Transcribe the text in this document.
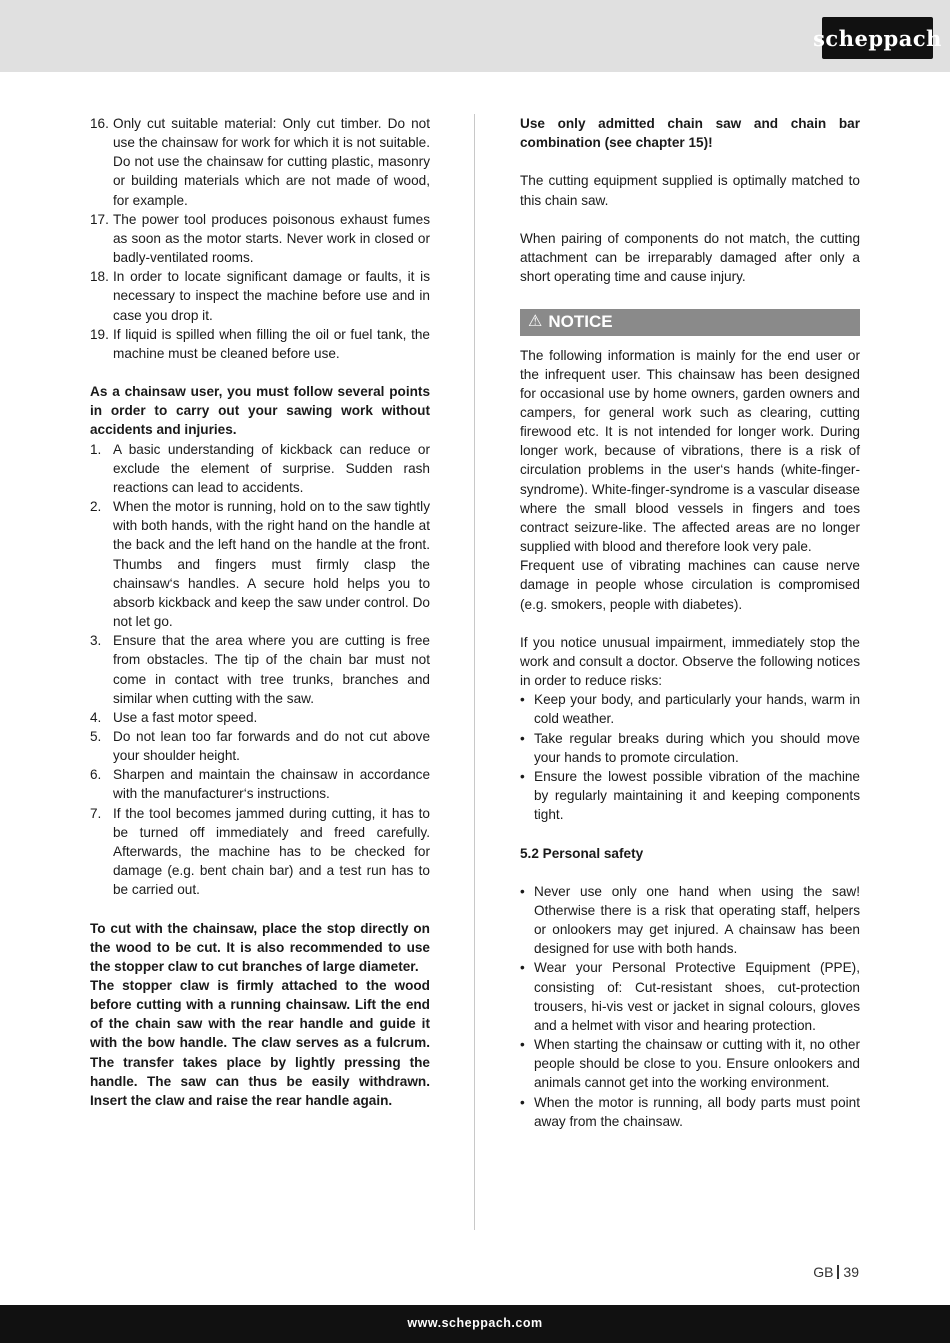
scheppach
16. Only cut suitable material: Only cut timber. Do not use the chainsaw for work for which it is not suitable. Do not use the chainsaw for cutting plastic, masonry or building materials which are not made of wood, for example.
17. The power tool produces poisonous exhaust fumes as soon as the motor starts. Never work in closed or badly-ventilated rooms.
18. In order to locate significant damage or faults, it is necessary to inspect the machine before use and in case you drop it.
19. If liquid is spilled when filling the oil or fuel tank, the machine must be cleaned before use.

As a chainsaw user, you must follow several points in order to carry out your sawing work without accidents and injuries.

1. A basic understanding of kickback can reduce or exclude the element of surprise. Sudden rash reactions can lead to accidents.
2. When the motor is running, hold on to the saw tightly with both hands, with the right hand on the handle at the back and the left hand on the handle at the front. Thumbs and fingers must firmly clasp the chainsaw‘s handles. A secure hold helps you to absorb kickback and keep the saw under control. Do not let go.
3. Ensure that the area where you are cutting is free from obstacles. The tip of the chain bar must not come in contact with tree trunks, branches and similar when cutting with the saw.
4. Use a fast motor speed.
5. Do not lean too far forwards and do not cut above your shoulder height.
6. Sharpen and maintain the chainsaw in accordance with the manufacturer‘s instructions.
7. If the tool becomes jammed during cutting, it has to be turned off immediately and freed carefully. Afterwards, the machine has to be checked for damage (e.g. bent chain bar) and a test run has to be carried out.

To cut with the chainsaw, place the stop directly on the wood to be cut. It is also recommended to use the stopper claw to cut branches of large diameter.

The stopper claw is firmly attached to the wood before cutting with a running chainsaw. Lift the end of the chain saw with the rear handle and guide it with the bow handle. The claw serves as a fulcrum. The transfer takes place by lightly pressing the handle. The saw can thus be easily withdrawn. Insert the claw and raise the rear handle again.

Use only admitted chain saw and chain bar combination (see chapter 15)!

The cutting equipment supplied is optimally matched to this chain saw.

When pairing of components do not match, the cutting attachment can be irreparably damaged after only a short operating time and cause injury.

⚠ NOTICE

The following information is mainly for the end user or the infrequent user. This chainsaw has been designed for occasional use by home owners, garden owners and campers, for general work such as clearing, cutting firewood etc. It is not intended for longer work. During longer work, because of vibrations, there is a risk of circulation problems in the user‘s hands (white-finger-syndrome). White-finger-syndrome is a vascular disease where the small blood vessels in fingers and toes contract seizure-like. The affected areas are no longer supplied with blood and therefore look very pale.

Frequent use of vibrating machines can cause nerve damage in people whose circulation is compromised (e.g. smokers, people with diabetes).

If you notice unusual impairment, immediately stop the work and consult a doctor. Observe the following notices in order to reduce risks:

• Keep your body, and particularly your hands, warm in cold weather.
• Take regular breaks during which you should move your hands to promote circulation.
• Ensure the lowest possible vibration of the machine by regularly maintaining it and keeping components tight.

5.2 Personal safety

• Never use only one hand when using the saw! Otherwise there is a risk that operating staff, helpers or onlookers may get injured. A chainsaw has been designed for use with both hands.
• Wear your Personal Protective Equipment (PPE), consisting of: Cut-resistant shoes, cut-protection trousers, hi-vis vest or jacket in signal colours, gloves and a helmet with visor and hearing protection.
• When starting the chainsaw or cutting with it, no other people should be close to you. Ensure onlookers and animals cannot get into the working environment.
• When the motor is running, all body parts must point away from the chainsaw.
GB 39
www.scheppach.com
